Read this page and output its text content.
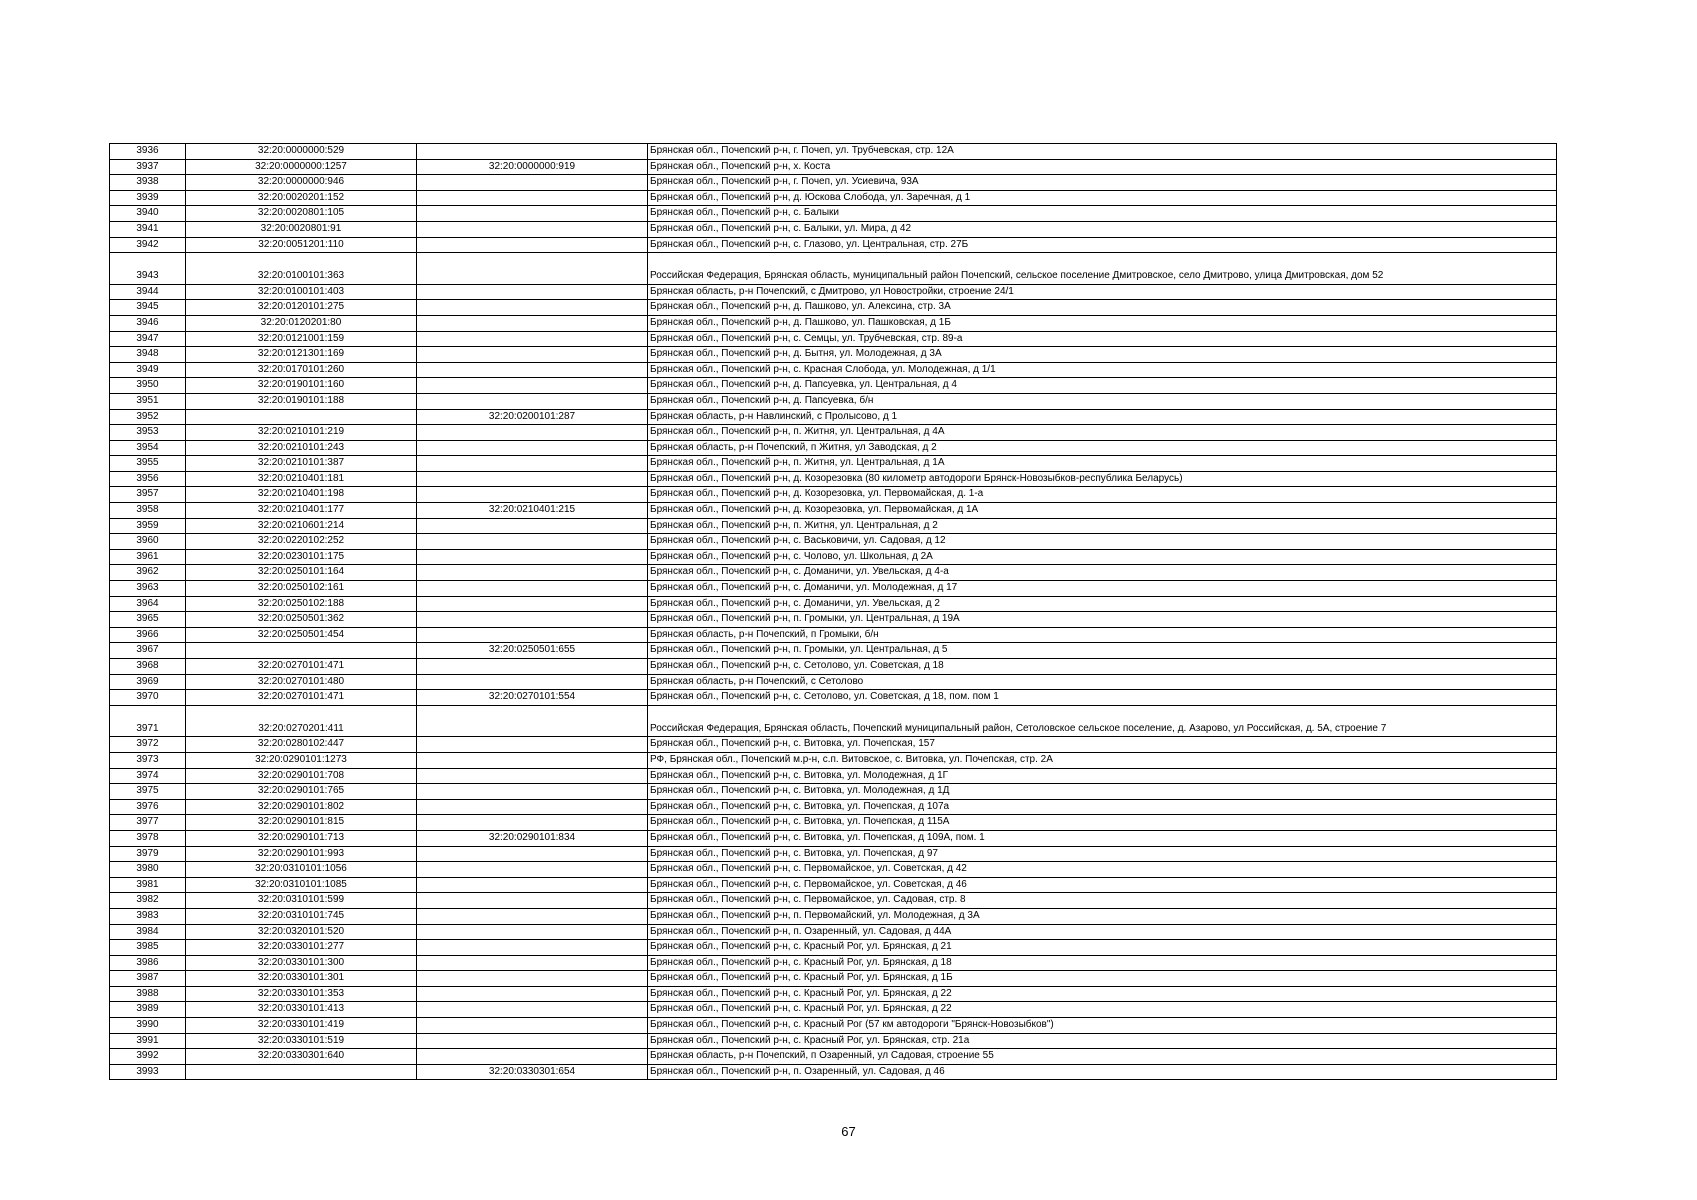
3936	32:20:0000000:529		Брянская обл., Почепский р-н, г. Почеп, ул. Трубчевская, стр. 12А
3937	32:20:0000000:1257	32:20:0000000:919	Брянская обл., Почепский р-н, х. Коста
3938	32:20:0000000:946		Брянская обл., Почепский р-н, г. Почеп, ул. Усиевича, 93А
3939	32:20:0020201:152		Брянская обл., Почепский р-н, д. Юскова Слобода, ул. Заречная, д 1
3940	32:20:0020801:105		Брянская обл., Почепский р-н, с. Балыки
3941	32:20:0020801:91		Брянская обл., Почепский р-н, с. Балыки, ул. Мира, д 42
3942	32:20:0051201:110		Брянская обл., Почепский р-н, с. Глазово, ул. Центральная, стр. 27Б
3943	32:20:0100101:363		Российская Федерация, Брянская область, муниципальный район Почепский, сельское поселение Дмитровское, село Дмитрово, улица Дмитровская, дом 52
3944	32:20:0100101:403		Брянская область, р-н Почепский, с Дмитрово, ул Новостройки, строение 24/1
3945	32:20:0120101:275		Брянская обл., Почепский р-н, д. Пашково, ул. Алексина, стр. 3А
3946	32:20:0120201:80		Брянская обл., Почепский р-н, д. Пашково, ул. Пашковская, д 1Б
3947	32:20:0121001:159		Брянская обл., Почепский р-н, с. Семцы, ул. Трубчевская, стр. 89-а
3948	32:20:0121301:169		Брянская обл., Почепский р-н, д. Бытня, ул. Молодежная, д 3А
3949	32:20:0170101:260		Брянская обл., Почепский р-н, с. Красная Слобода, ул. Молодежная, д 1/1
3950	32:20:0190101:160		Брянская обл., Почепский р-н, д. Папсуевка, ул. Центральная, д 4
3951	32:20:0190101:188		Брянская обл., Почепский р-н, д. Папсуевка, б/н
3952		32:20:0200101:287	Брянская область, р-н Навлинский, с Пролысово, д 1
3953	32:20:0210101:219		Брянская обл., Почепский р-н, п. Житня, ул. Центральная, д 4А
3954	32:20:0210101:243		Брянская область, р-н Почепский, п Житня, ул Заводская, д 2
3955	32:20:0210101:387		Брянская обл., Почепский р-н, п. Житня, ул. Центральная, д 1А
3956	32:20:0210401:181		Брянская обл., Почепский р-н, д. Козорезовка (80 километр автодороги Брянск-Новозыбков-республика Беларусь)
3957	32:20:0210401:198		Брянская обл., Почепский р-н, д. Козорезовка, ул. Первомайская, д. 1-а
3958	32:20:0210401:177	32:20:0210401:215	Брянская обл., Почепский р-н, д. Козорезовка, ул. Первомайская, д 1А
3959	32:20:0210601:214		Брянская обл., Почепский р-н, п. Житня, ул. Центральная, д 2
3960	32:20:0220102:252		Брянская обл., Почепский р-н, с. Васьковичи, ул. Садовая, д 12
3961	32:20:0230101:175		Брянская обл., Почепский р-н, с. Чолово, ул. Школьная, д 2А
3962	32:20:0250101:164		Брянская обл., Почепский р-н, с. Доманичи, ул. Увельская, д 4-а
3963	32:20:0250102:161		Брянская обл., Почепский р-н, с. Доманичи, ул. Молодежная, д 17
3964	32:20:0250102:188		Брянская обл., Почепский р-н, с. Доманичи, ул. Увельская, д 2
3965	32:20:0250501:362		Брянская обл., Почепский р-н, п. Громыки, ул. Центральная, д 19А
3966	32:20:0250501:454		Брянская область, р-н Почепский, п Громыки, б/н
3967		32:20:0250501:655	Брянская обл., Почепский р-н, п. Громыки, ул. Центральная, д 5
3968	32:20:0270101:471		Брянская обл., Почепский р-н, с. Сетолово, ул. Советская, д 18
3969	32:20:0270101:480		Брянская область, р-н Почепский, с Сетолово
3970	32:20:0270101:471	32:20:0270101:554	Брянская обл., Почепский р-н, с. Сетолово, ул. Советская, д 18, пом. пом 1
3971	32:20:0270201:411		Российская Федерация, Брянская область, Почепский муниципальный район, Сетоловское сельское поселение, д. Азарово, ул Российская, д. 5А, строение 7
3972	32:20:0280102:447		Брянская обл., Почепский р-н, с. Витовка, ул. Почепская, 157
3973	32:20:0290101:1273		РФ, Брянская обл., Почепский м.р-н, с.п. Витовское, с. Витовка, ул. Почепская, стр. 2А
3974	32:20:0290101:708		Брянская обл., Почепский р-н, с. Витовка, ул. Молодежная, д 1Г
3975	32:20:0290101:765		Брянская обл., Почепский р-н, с. Витовка, ул. Молодежная, д 1Д
3976	32:20:0290101:802		Брянская обл., Почепский р-н, с. Витовка, ул. Почепская, д 107а
3977	32:20:0290101:815		Брянская обл., Почепский р-н, с. Витовка, ул. Почепская, д 115А
3978	32:20:0290101:713	32:20:0290101:834	Брянская обл., Почепский р-н, с. Витовка, ул. Почепская, д 109А, пом. 1
3979	32:20:0290101:993		Брянская обл., Почепский р-н, с. Витовка, ул. Почепская, д 97
3980	32:20:0310101:1056		Брянская обл., Почепский р-н, с. Первомайское, ул. Советская, д 42
3981	32:20:0310101:1085		Брянская обл., Почепский р-н, с. Первомайское, ул. Советская, д 46
3982	32:20:0310101:599		Брянская обл., Почепский р-н, с. Первомайское, ул. Садовая, стр. 8
3983	32:20:0310101:745		Брянская обл., Почепский р-н, п. Первомайский, ул. Молодежная, д 3А
3984	32:20:0320101:520		Брянская обл., Почепский р-н, п. Озаренный, ул. Садовая, д 44А
3985	32:20:0330101:277		Брянская обл., Почепский р-н, с. Красный Рог, ул. Брянская, д 21
3986	32:20:0330101:300		Брянская обл., Почепский р-н, с. Красный Рог, ул. Брянская, д 18
3987	32:20:0330101:301		Брянская обл., Почепский р-н, с. Красный Рог, ул. Брянская, д 1Б
3988	32:20:0330101:353		Брянская обл., Почепский р-н, с. Красный Рог, ул. Брянская, д 22
3989	32:20:0330101:413		Брянская обл., Почепский р-н, с. Красный Рог, ул. Брянская, д 22
3990	32:20:0330101:419		Брянская обл., Почепский р-н, с. Красный Рог (57 км автодороги "Брянск-Новозыбков")
3991	32:20:0330101:519		Брянская обл., Почепский р-н, с. Красный Рог, ул. Брянская, стр. 21а
3992	32:20:0330301:640		Брянская область, р-н Почепский, п Озаренный, ул Садовая, строение 55
3993		32:20:0330301:654	Брянская обл., Почепский р-н, п. Озаренный, ул. Садовая, д 46
67
